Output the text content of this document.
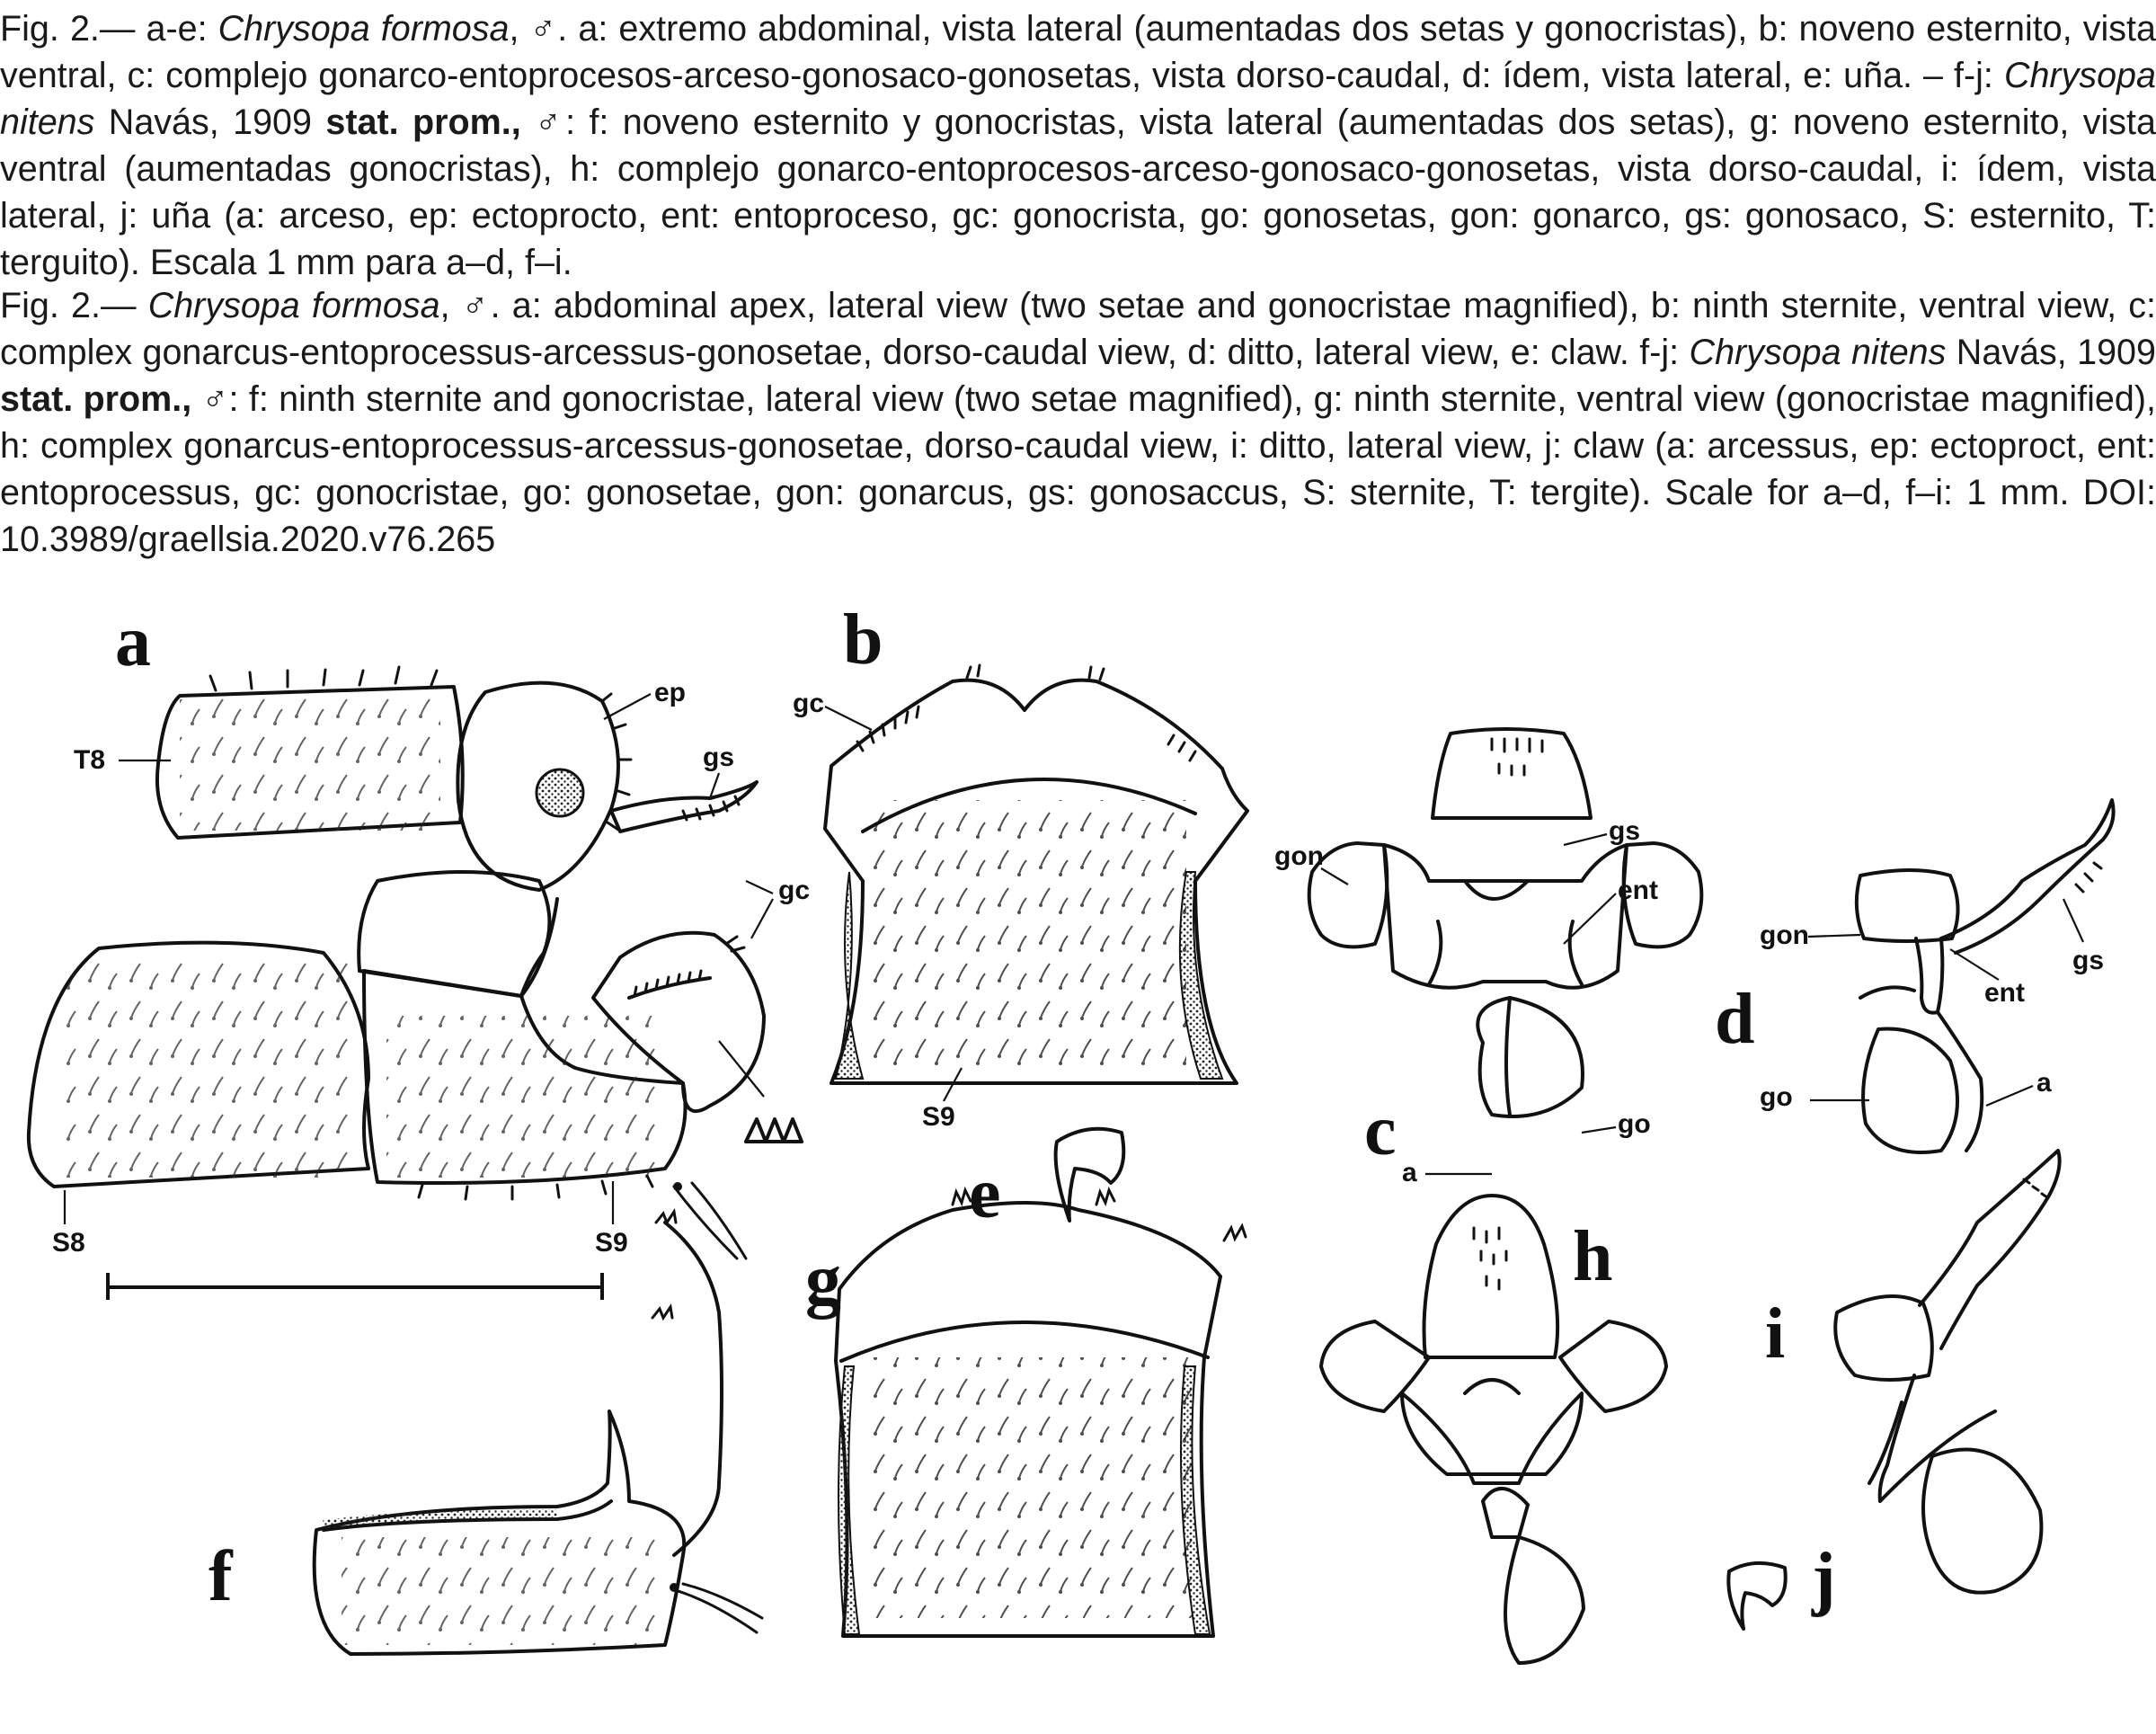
Fig. 2.— a-e: Chrysopa formosa, ♂. a: extremo abdominal, vista lateral (aumentadas dos setas y gonocristas), b: noveno esternito, vista ventral, c: complejo gonarco-entoprocesos-arceso-gonosaco-gonosetas, vista dorso-caudal, d: ídem, vista lateral, e: uña. – f-j: Chrysopa nitens Navás, 1909 stat. prom., ♂: f: noveno esternito y gonocristas, vista lateral (aumentadas dos setas), g: noveno esternito, vista ventral (aumentadas gonocristas), h: complejo gonarco-entoprocesos-arceso-gonosaco-gonosetas, vista dorso-caudal, i: ídem, vista lateral, j: uña (a: arceso, ep: ectoprocto, ent: entoproceso, gc: gonocrista, go: gonosetas, gon: gonarco, gs: gonosaco, S: esternito, T: terguito). Escala 1 mm para a–d, f–i.

Fig. 2.— Chrysopa formosa, ♂. a: abdominal apex, lateral view (two setae and gonocristae magnified), b: ninth sternite, ventral view, c: complex gonarcus-entoprocessus-arcessus-gonosetae, dorso-caudal view, d: ditto, lateral view, e: claw. f-j: Chrysopa nitens Navás, 1909 stat. prom., ♂: f: ninth sternite and gonocristae, lateral view (two setae magnified), g: ninth sternite, ventral view (gonocristae magnified), h: complex gonarcus-entoprocessus-arcessus-gonosetae, dorso-caudal view, i: ditto, lateral view, j: claw (a: arcessus, ep: ectoproct, ent: entoprocessus, gc: gonocristae, go: gonosetae, gon: gonarcus, gs: gonosaccus, S: sternite, T: tergite). Scale for a–d, f–i: 1 mm. DOI: 10.3989/graellsia.2020.v76.265

a
T8
ep
gs
S8	S9
gc
b
gc
S9
e
c
gon
gs
ent
go
a
d
gon
gs
ent
go	a
f
g	h
i
j
